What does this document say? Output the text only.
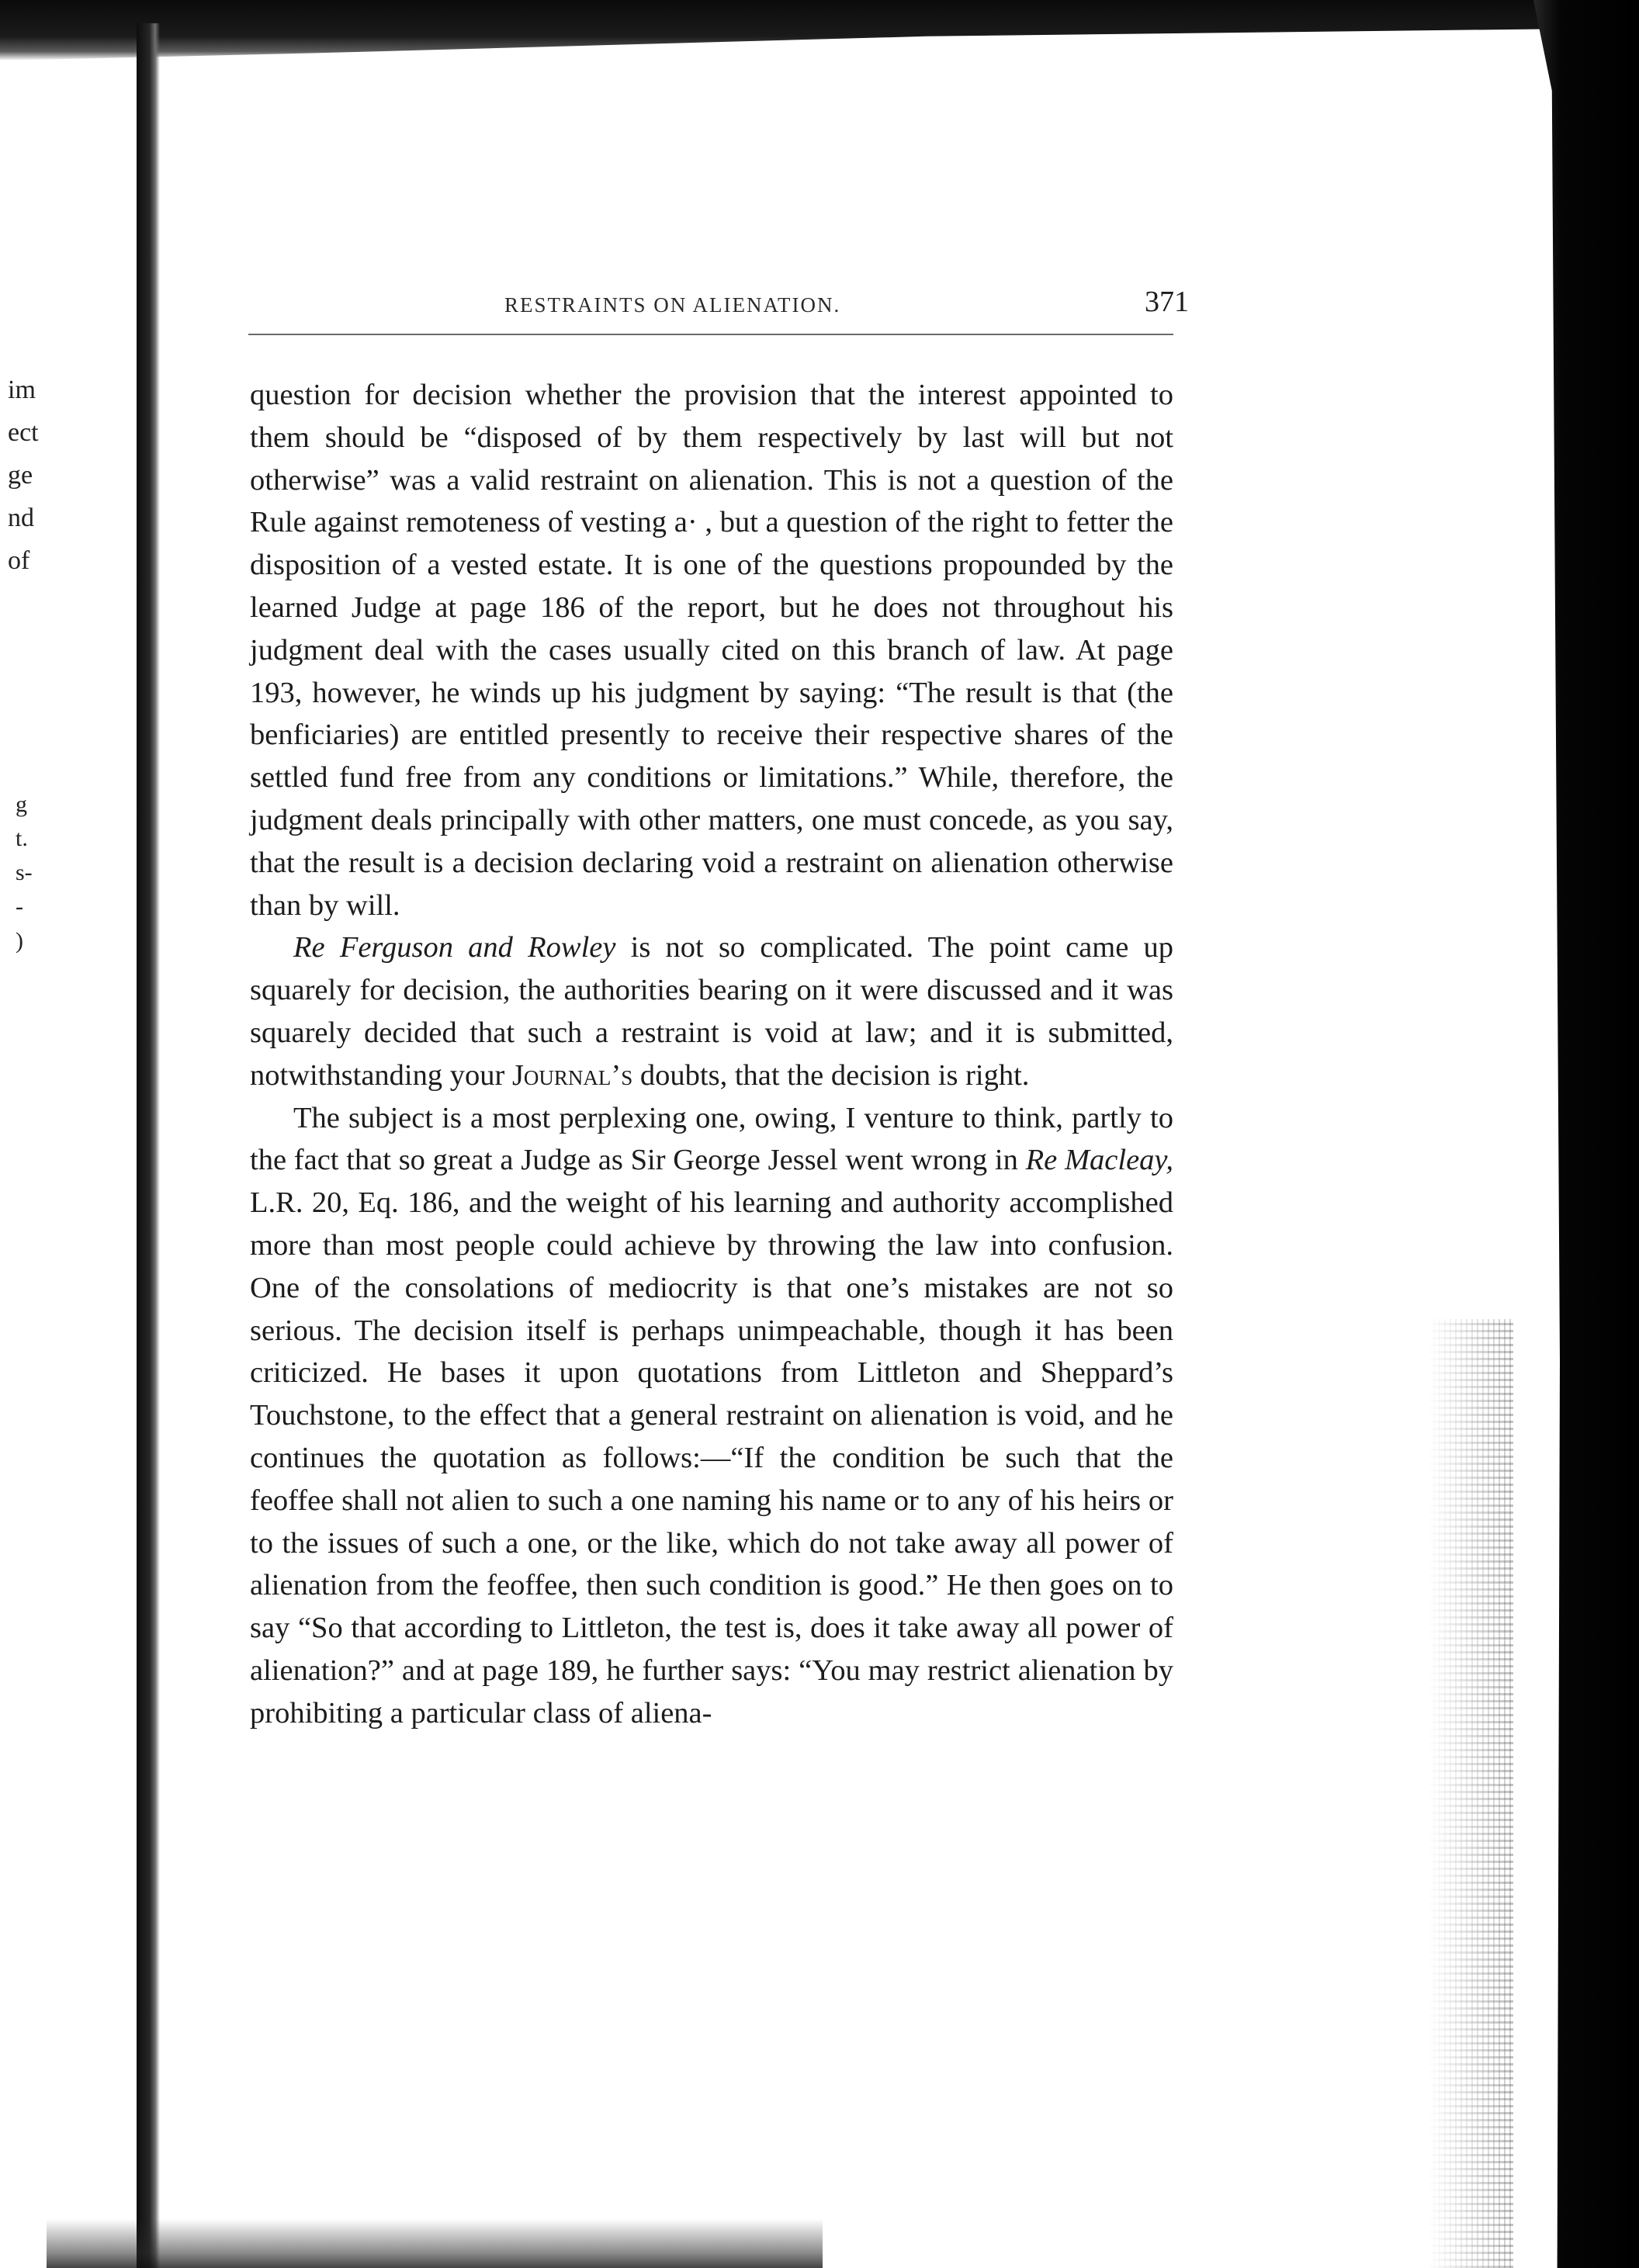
im
ect
ge
nd
of
g
t.
s-
-
)
RESTRAINTS ON ALIENATION.	371

question for decision whether the provision that the interest appointed to them should be “disposed of by them respectively by last will but not otherwise” was a valid restraint on alienation. This is not a question of the Rule against remoteness of vesting a· , but a question of the right to fetter the disposition of a vested estate. It is one of the questions propounded by the learned Judge at page 186 of the report, but he does not throughout his judgment deal with the cases usually cited on this branch of law. At page 193, however, he winds up his judgment by saying: “The result is that (the benficiaries) are entitled presently to receive their respective shares of the settled fund free from any conditions or limitations.” While, therefore, the judgment deals principally with other matters, one must concede, as you say, that the result is a decision declaring void a restraint on alienation otherwise than by will.

Re Ferguson and Rowley is not so complicated. The point came up squarely for decision, the authorities bearing on it were discussed and it was squarely decided that such a restraint is void at law; and it is submitted, notwithstanding your Journal’s doubts, that the decision is right.

The subject is a most perplexing one, owing, I venture to think, partly to the fact that so great a Judge as Sir George Jessel went wrong in Re Macleay, L.R. 20, Eq. 186, and the weight of his learning and authority accomplished more than most people could achieve by throwing the law into confusion. One of the consolations of mediocrity is that one’s mistakes are not so serious. The decision itself is perhaps unimpeachable, though it has been criticized. He bases it upon quotations from Littleton and Sheppard’s Touchstone, to the effect that a general restraint on alienation is void, and he continues the quotation as follows:—“If the condition be such that the feoffee shall not alien to such a one naming his name or to any of his heirs or to the issues of such a one, or the like, which do not take away all power of alienation from the feoffee, then such condition is good.” He then goes on to say “So that according to Littleton, the test is, does it take away all power of alienation?” and at page 189, he further says: “You may restrict alienation by prohibiting a particular class of aliena-
